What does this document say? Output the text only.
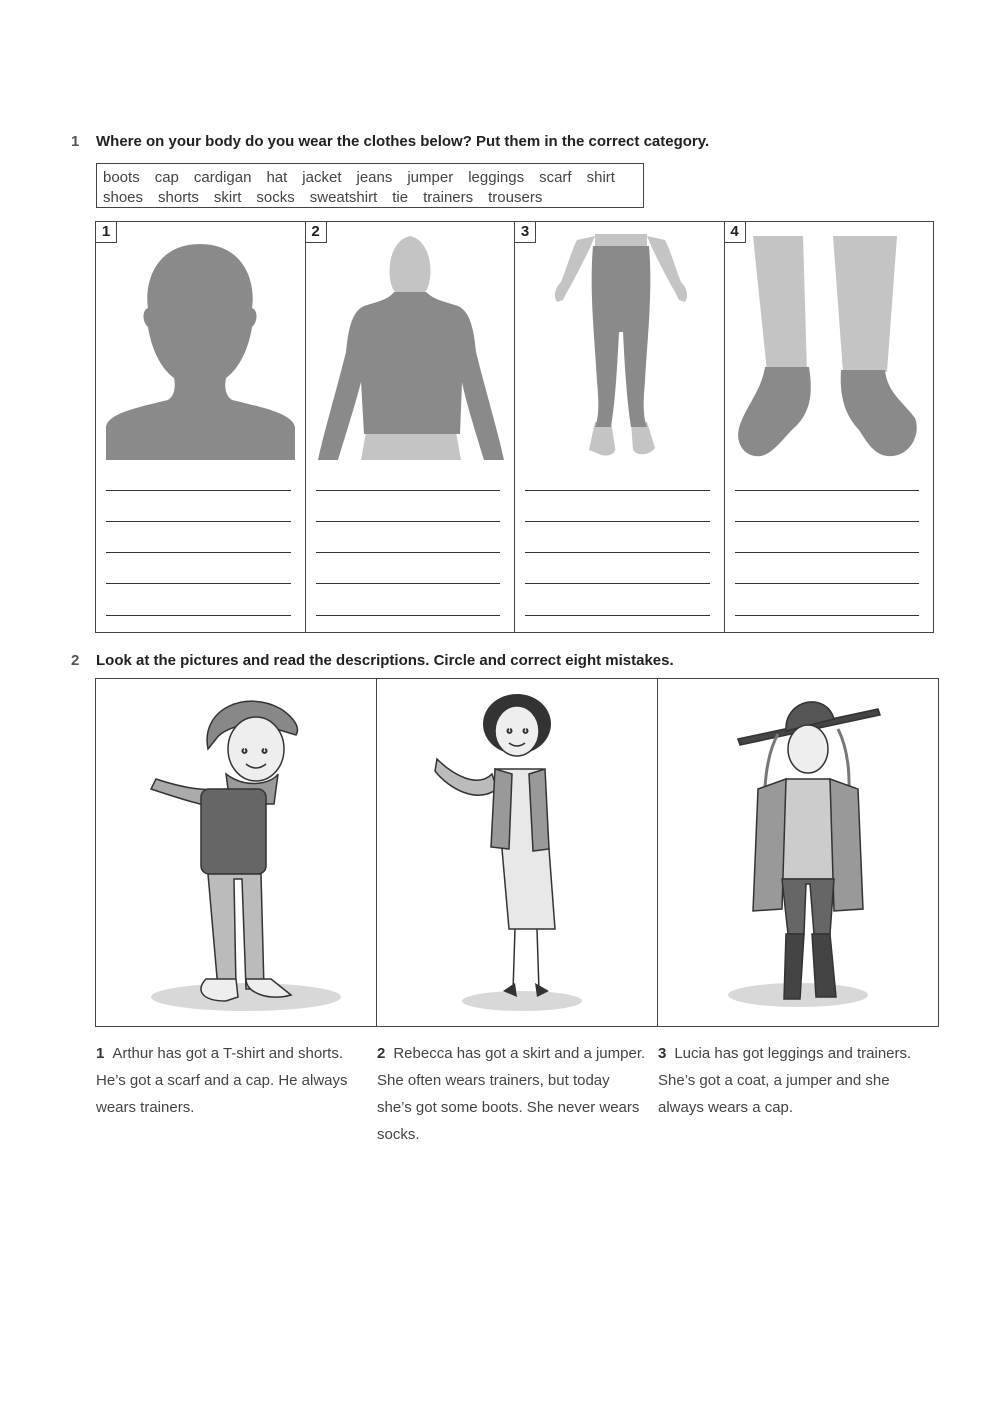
1 Where on your body do you wear the clothes below? Put them in the correct category.
boots cap cardigan hat jacket jeans jumper leggings scarf shirt
shoes shorts skirt socks sweatshirt tie trainers trousers
1	2	3	4
2 Look at the pictures and read the descriptions. Circle and correct eight mistakes.
1 Arthur has got a T-shirt and shorts. He’s got a scarf and a cap. He always wears trainers.
2 Rebecca has got a skirt and a jumper. She often wears trainers, but today she’s got some boots. She never wears socks.
3 Lucia has got leggings and trainers. She’s got a coat, a jumper and she always wears a cap.
